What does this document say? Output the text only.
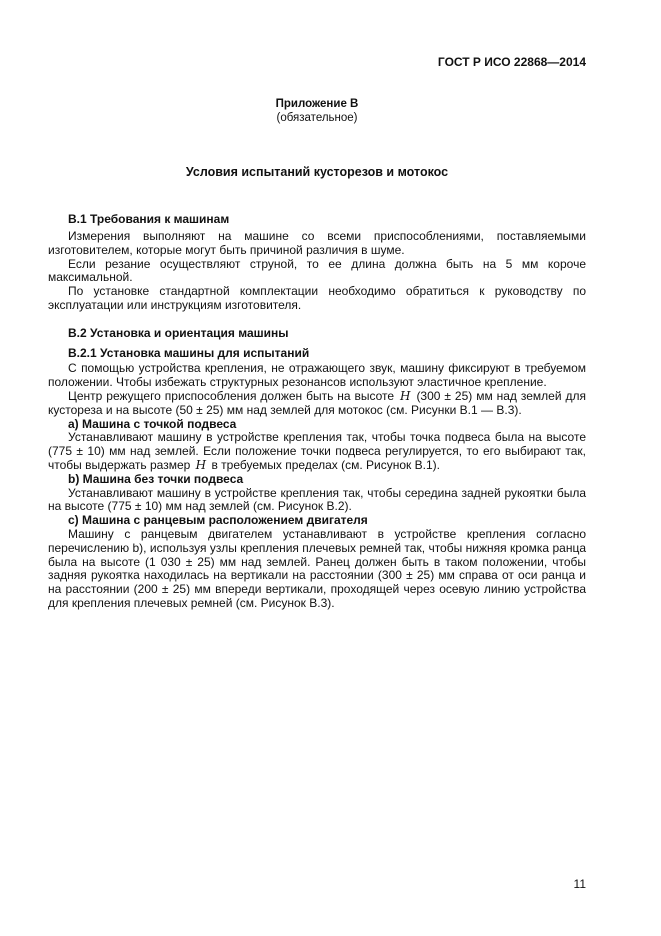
ГОСТ Р ИСО 22868—2014
Приложение В
(обязательное)
Условия испытаний кусторезов и мотокос
В.1 Требования к машинам

Измерения выполняют на машине со всеми приспособлениями, поставляемыми изготовителем, которые могут быть причиной различия в шуме.

Если резание осуществляют струной, то ее длина должна быть на 5 мм короче максимальной.

По установке стандартной комплектации необходимо обратиться к руководству по эксплуатации или инструкциям изготовителя.

В.2 Установка и ориентация машины
В.2.1 Установка машины для испытаний

С помощью устройства крепления, не отражающего звук, машину фиксируют в требуемом положении. Чтобы избежать структурных резонансов используют эластичное крепление.

Центр режущего приспособления должен быть на высоте H (300 ± 25) мм над землей для кустореза и на высоте (50 ± 25) мм над землей для мотокос (см. Рисунки В.1 — В.3).

а) Машина с точкой подвеса

Устанавливают машину в устройстве крепления так, чтобы точка подвеса была на высоте (775 ± 10) мм над землей. Если положение точки подвеса регулируется, то его выбирают так, чтобы выдержать размер H в требуемых пределах (см. Рисунок В.1).

b) Машина без точки подвеса

Устанавливают машину в устройстве крепления так, чтобы середина задней рукоятки была на высоте (775 ± 10) мм над землей (см. Рисунок В.2).

с) Машина с ранцевым расположением двигателя

Машину с ранцевым двигателем устанавливают в устройстве крепления согласно перечислению b), используя узлы крепления плечевых ремней так, чтобы нижняя кромка ранца была на высоте (1 030 ± 25) мм над землей. Ранец должен быть в таком положении, чтобы задняя рукоятка находилась на вертикали на расстоянии (300 ± 25) мм справа от оси ранца и на расстоянии (200 ± 25) мм впереди вертикали, проходящей через осевую линию устройства для крепления плечевых ремней (см. Рисунок В.3).

11
